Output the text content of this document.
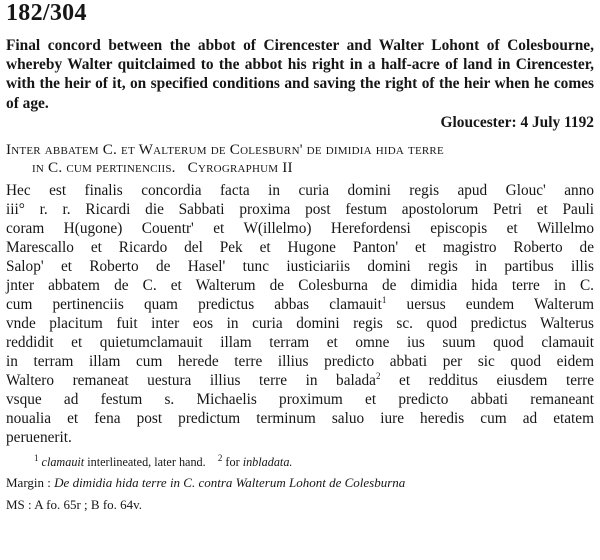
182/304

Final concord between the abbot of Cirencester and Walter Lohont of Colesbourne, whereby Walter quitclaimed to the abbot his right in a half-acre of land in Cirencester, with the heir of it, on specified conditions and saving the right of the heir when he comes of age.

Gloucester: 4 July 1192

Inter abbatem C. et Walterum de Colesburn' de dimidia hida terre
in C. cum pertinenciis. Cyrographum II

Hec est finalis concordia facta in curia domini regis apud Glouc' anno
iii° r. r. Ricardi die Sabbati proxima post festum apostolorum Petri et Pauli
coram H(ugone) Couentr' et W(illelmo) Herefordensi episcopis et Willelmo
Marescallo et Ricardo del Pek et Hugone Panton' et magistro Roberto de
Salop' et Roberto de Hasel' tunc iusticiariis domini regis in partibus illis
jnter abbatem de C. et Walterum de Colesburna de dimidia hida terre in C.
cum pertinenciis quam predictus abbas clamauit$^1$ uersus eundem Walterum
vnde placitum fuit inter eos in curia domini regis sc. quod predictus Walterus
reddidit et quietumclamauit illam terram et omne ius suum quod clamauit
in terram illam cum herede terre illius predicto abbati per sic quod eidem
Waltero remaneat uestura illius terre in balada$^2$ et redditus eiusdem terre
vsque ad festum s. Michaelis proximum et predicto abbati remaneant
noualia et fena post predictum terminum saluo iure heredis cum ad etatem
peruenerit.

$^1$ clamauit interlineated, later hand. $^2$ for inbladata.

Margin : De dimidia hida terre in C. contra Walterum Lohont de Colesburna

MS : A fo. 65r ; B fo. 64v.
